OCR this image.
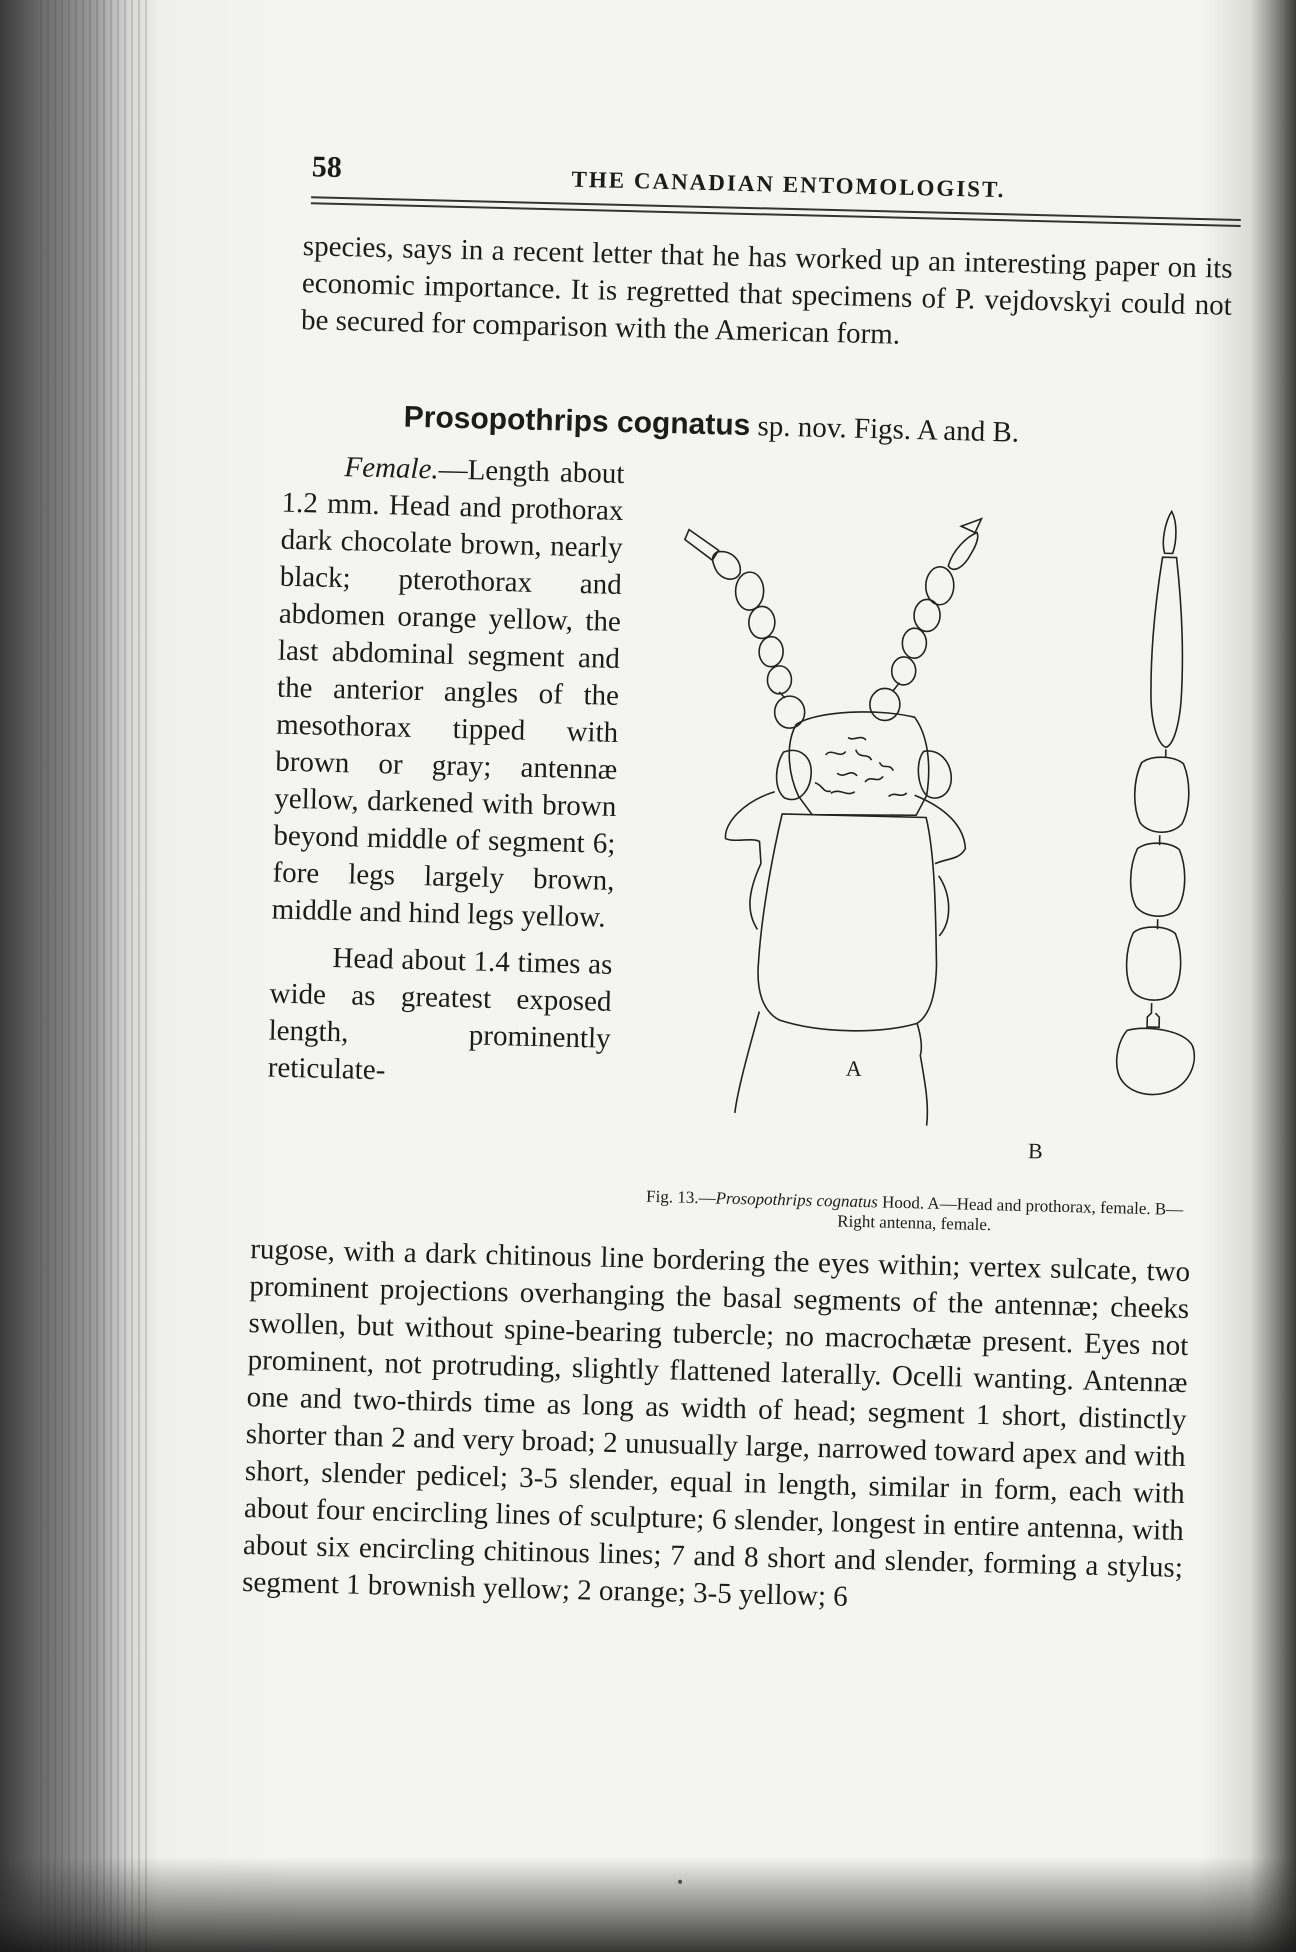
58	THE CANADIAN ENTOMOLOGIST.
species, says in a recent letter that he has worked up an interesting paper on its economic importance. It is regretted that specimens of P. vejdovskyi could not be secured for comparison with the American form.
Prosopothrips cognatus sp. nov. Figs. A and B.

Female.—Length about 1.2 mm. Head and prothorax dark chocolate brown, nearly black; pterothorax and abdomen orange yellow, the last abdominal segment and the anterior angles of the mesothorax tipped with brown or gray; antennæ yellow, darkened with brown beyond middle of segment 6; fore legs largely brown, middle and hind legs yellow.

Head about 1.4 times as wide as greatest exposed length, prominently reticulate-	A
B
Fig. 13.—Prosopothrips cognatus Hood. A—Head and prothorax, female. B—Right antenna, female.

rugose, with a dark chitinous line bordering the eyes within; vertex sulcate, two prominent projections overhanging the basal segments of the antennæ; cheeks swollen, but without spine-bearing tubercle; no macrochætæ present. Eyes not prominent, not protruding, slightly flattened laterally. Ocelli wanting. Antennæ one and two-thirds time as long as width of head; segment 1 short, distinctly shorter than 2 and very broad; 2 unusually large, narrowed toward apex and with short, slender pedicel; 3-5 slender, equal in length, similar in form, each with about four encircling lines of sculpture; 6 slender, longest in entire antenna, with about six encircling chitinous lines; 7 and 8 short and slender, forming a stylus; segment 1 brownish yellow; 2 orange; 3-5 yellow; 6
